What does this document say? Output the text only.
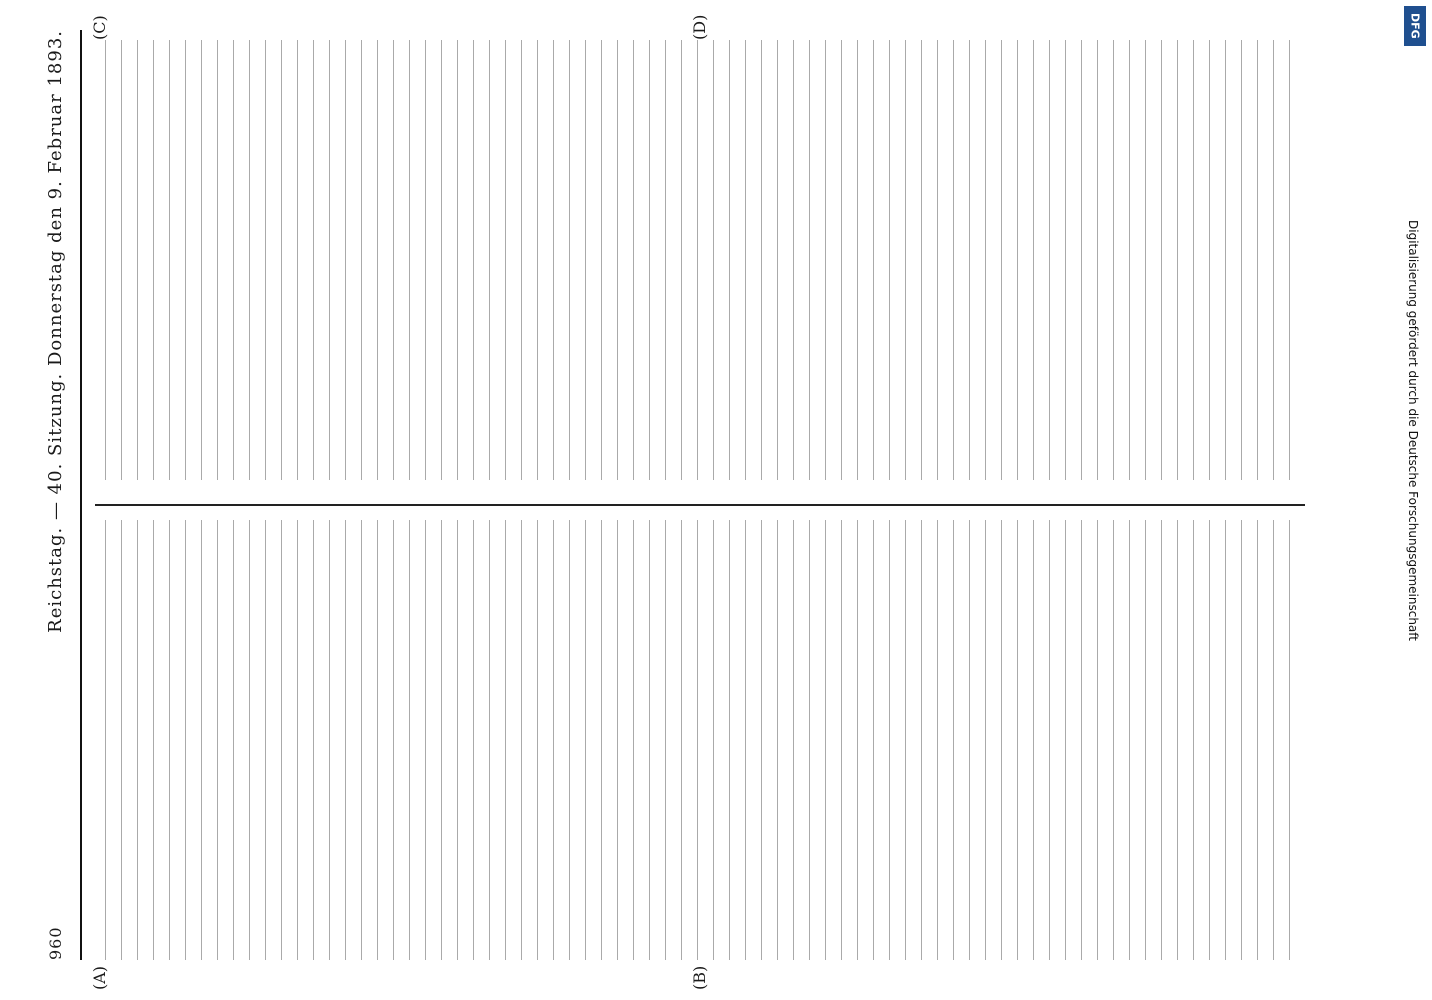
960
Reichstag. — 40. Sitzung. Donnerstag den 9. Februar 1893.
(A)	(B)
(C)	(D)	DFG
Digitalisierung gefördert durch die Deutsche Forschungsgemeinschaft
